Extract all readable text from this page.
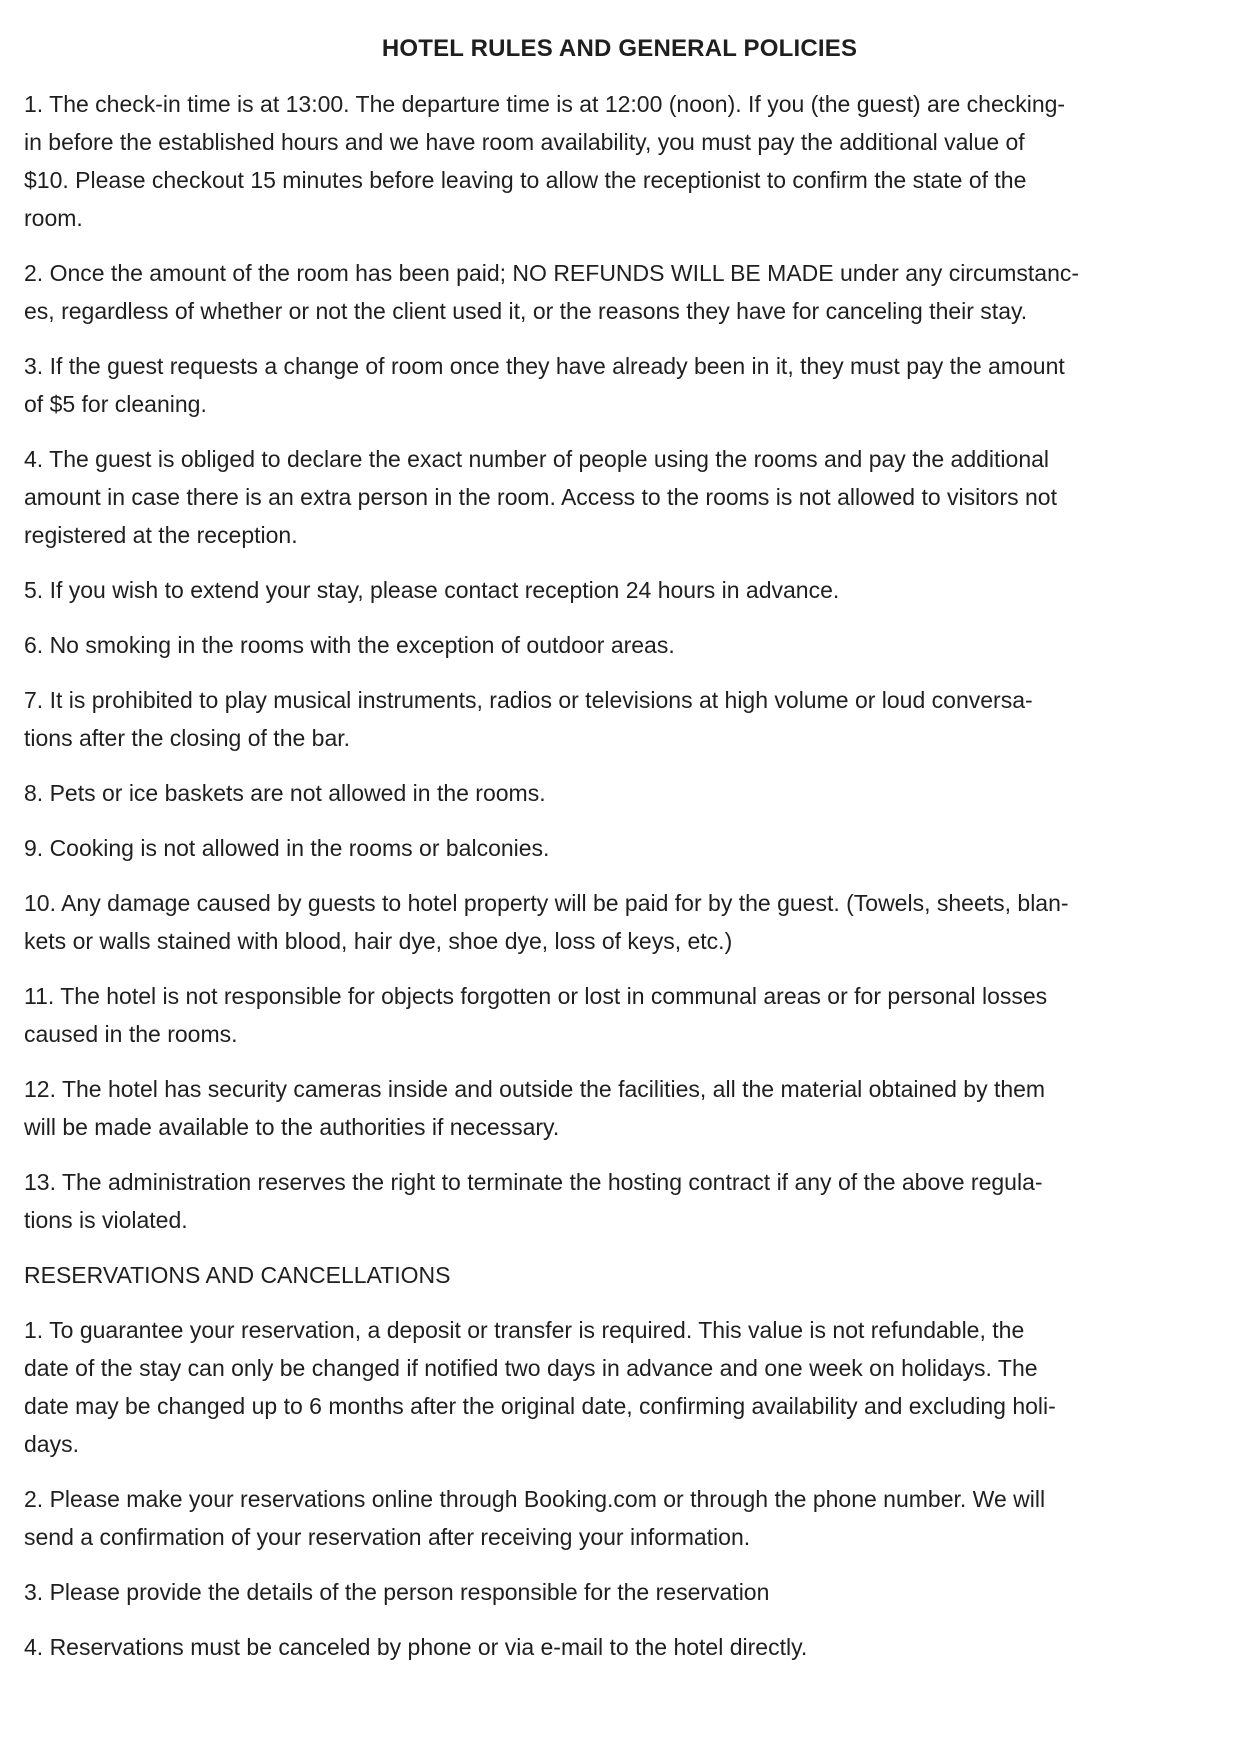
HOTEL RULES AND GENERAL POLICIES

1. The check-in time is at 13:00. The departure time is at 12:00 (noon). If you (the guest) are checking-
in before the established hours and we have room availability, you must pay the additional value of
$10. Please checkout 15 minutes before leaving to allow the receptionist to confirm the state of the
room.

2. Once the amount of the room has been paid; NO REFUNDS WILL BE MADE under any circumstanc-
es, regardless of whether or not the client used it, or the reasons they have for canceling their stay.

3. If the guest requests a change of room once they have already been in it, they must pay the amount
of $5 for cleaning.

4. The guest is obliged to declare the exact number of people using the rooms and pay the additional
amount in case there is an extra person in the room. Access to the rooms is not allowed to visitors not
registered at the reception.

5. If you wish to extend your stay, please contact reception 24 hours in advance.

6. No smoking in the rooms with the exception of outdoor areas.

7. It is prohibited to play musical instruments, radios or televisions at high volume or loud conversa-
tions after the closing of the bar.

8. Pets or ice baskets are not allowed in the rooms.

9. Cooking is not allowed in the rooms or balconies.

10. Any damage caused by guests to hotel property will be paid for by the guest. (Towels, sheets, blan-
kets or walls stained with blood, hair dye, shoe dye, loss of keys, etc.)

11. The hotel is not responsible for objects forgotten or lost in communal areas or for personal losses
caused in the rooms.

12. The hotel has security cameras inside and outside the facilities, all the material obtained by them
will be made available to the authorities if necessary.

13. The administration reserves the right to terminate the hosting contract if any of the above regula-
tions is violated.

RESERVATIONS AND CANCELLATIONS

1. To guarantee your reservation, a deposit or transfer is required. This value is not refundable, the
date of the stay can only be changed if notified two days in advance and one week on holidays. The
date may be changed up to 6 months after the original date, confirming availability and excluding holi-
days.

2. Please make your reservations online through Booking.com or through the phone number. We will
send a confirmation of your reservation after receiving your information.

3. Please provide the details of the person responsible for the reservation

4. Reservations must be canceled by phone or via e-mail to the hotel directly.
